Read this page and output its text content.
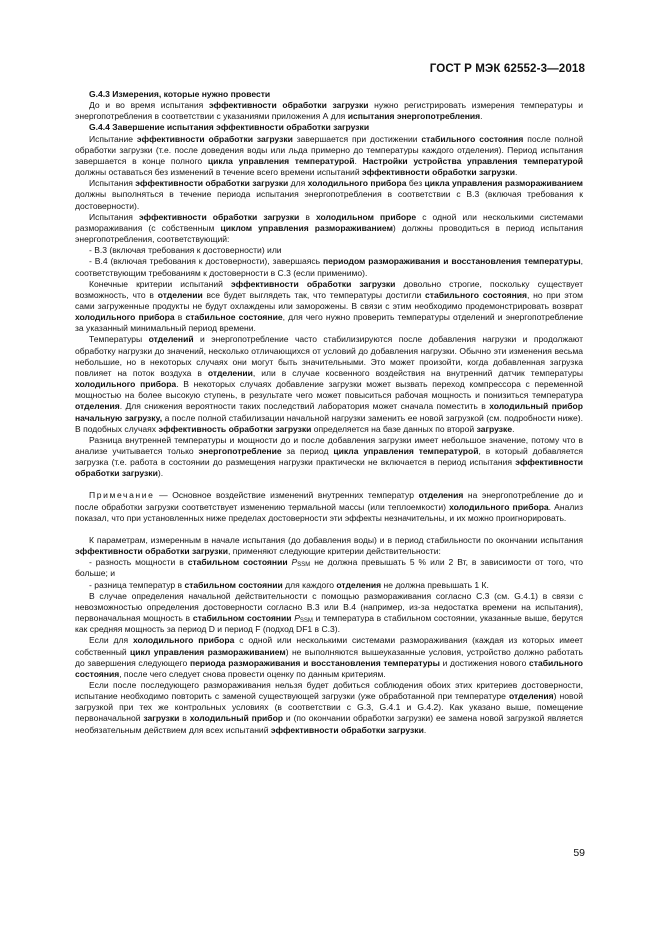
ГОСТ Р МЭК 62552-3—2018

G.4.3 Измерения, которые нужно провести

До и во время испытания эффективности обработки загрузки нужно регистрировать измерения температуры и энергопотребления в соответствии с указаниями приложения А для испытания энергопотребления.

G.4.4 Завершение испытания эффективности обработки загрузки

Испытание эффективности обработки загрузки завершается при достижении стабильного состояния после полной обработки загрузки (т.е. после доведения воды или льда примерно до температуры каждого отделения). Период испытания завершается в конце полного цикла управления температурой. Настройки устройства управления температурой должны оставаться без изменений в течение всего времени испытаний эффективности обработки загрузки.

Испытания эффективности обработки загрузки для холодильного прибора без цикла управления размораживанием должны выполняться в течение периода испытания энергопотребления в соответствии с В.3 (включая требования к достоверности).

Испытания эффективности обработки загрузки в холодильном приборе с одной или несколькими системами размораживания (с собственным циклом управления размораживанием) должны проводиться в период испытания энергопотребления, соответствующий:

- В.3 (включая требования к достоверности) или

- В.4 (включая требования к достоверности), завершаясь периодом размораживания и восстановления температуры, соответствующим требованиям к достоверности в С.3 (если применимо).

Конечные критерии испытаний эффективности обработки загрузки довольно строгие, поскольку существует возможность, что в отделении все будет выглядеть так, что температуры достигли стабильного состояния, но при этом сами загруженные продукты не будут охлаждены или заморожены. В связи с этим необходимо продемонстрировать возврат холодильного прибора в стабильное состояние, для чего нужно проверить температуры отделений и энергопотребление за указанный минимальный период времени.

Температуры отделений и энергопотребление часто стабилизируются после добавления нагрузки и продолжают обработку нагрузки до значений, несколько отличающихся от условий до добавления нагрузки. Обычно эти изменения весьма небольшие, но в некоторых случаях они могут быть значительными. Это может произойти, когда добавленная загрузка повлияет на поток воздуха в отделении, или в случае косвенного воздействия на внутренний датчик температуры холодильного прибора. В некоторых случаях добавление загрузки может вызвать переход компрессора с переменной мощностью на более высокую ступень, в результате чего может повыситься рабочая мощность и понизиться температура отделения. Для снижения вероятности таких последствий лаборатория может сначала поместить в холодильный прибор начальную загрузку, а после полной стабилизации начальной нагрузки заменить ее новой загрузкой (см. подробности ниже). В подобных случаях эффективность обработки загрузки определяется на базе данных по второй загрузке.

Разница внутренней температуры и мощности до и после добавления загрузки имеет небольшое значение, потому что в анализе учитывается только энергопотребление за период цикла управления температурой, в который добавляется загрузка (т.е. работа в состоянии до размещения нагрузки практически не включается в период испытания эффективности обработки загрузки).

Примечание — Основное воздействие изменений внутренних температур отделения на энергопотребление до и после обработки загрузки соответствует изменению термальной массы (или теплоемкости) холодильного прибора. Анализ показал, что при установленных ниже пределах достоверности эти эффекты незначительны, и их можно проигнорировать.

К параметрам, измеренным в начале испытания (до добавления воды) и в период стабильности по окончании испытания эффективности обработки загрузки, применяют следующие критерии действительности:

- разность мощности в стабильном состоянии $P_{SSM}$ не должна превышать 5 % или 2 Вт, в зависимости от того, что больше; и

- разница температур в стабильном состоянии для каждого отделения не должна превышать 1 К.

В случае определения начальной действительности с помощью размораживания согласно С.3 (см. G.4.1) в связи с невозможностью определения достоверности согласно В.3 или В.4 (например, из-за недостатка времени на испытания), первоначальная мощность в стабильном состоянии $P_{SSM}$ и температура в стабильном состоянии, указанные выше, берутся как средняя мощность за период D и период F (подход DF1 в С.3).

Если для холодильного прибора с одной или несколькими системами размораживания (каждая из которых имеет собственный цикл управления размораживанием) не выполняются вышеуказанные условия, устройство должно работать до завершения следующего периода размораживания и восстановления температуры и достижения нового стабильного состояния, после чего следует снова провести оценку по данным критериям.

Если после последующего размораживания нельзя будет добиться соблюдения обоих этих критериев достоверности, испытание необходимо повторить с заменой существующей загрузки (уже обработанной при температуре отделения) новой загрузкой при тех же контрольных условиях (в соответствии с G.3, G.4.1 и G.4.2). Как указано выше, помещение первоначальной загрузки в холодильный прибор и (по окончании обработки загрузки) ее замена новой загрузкой является необязательным действием для всех испытаний эффективности обработки загрузки.

59
